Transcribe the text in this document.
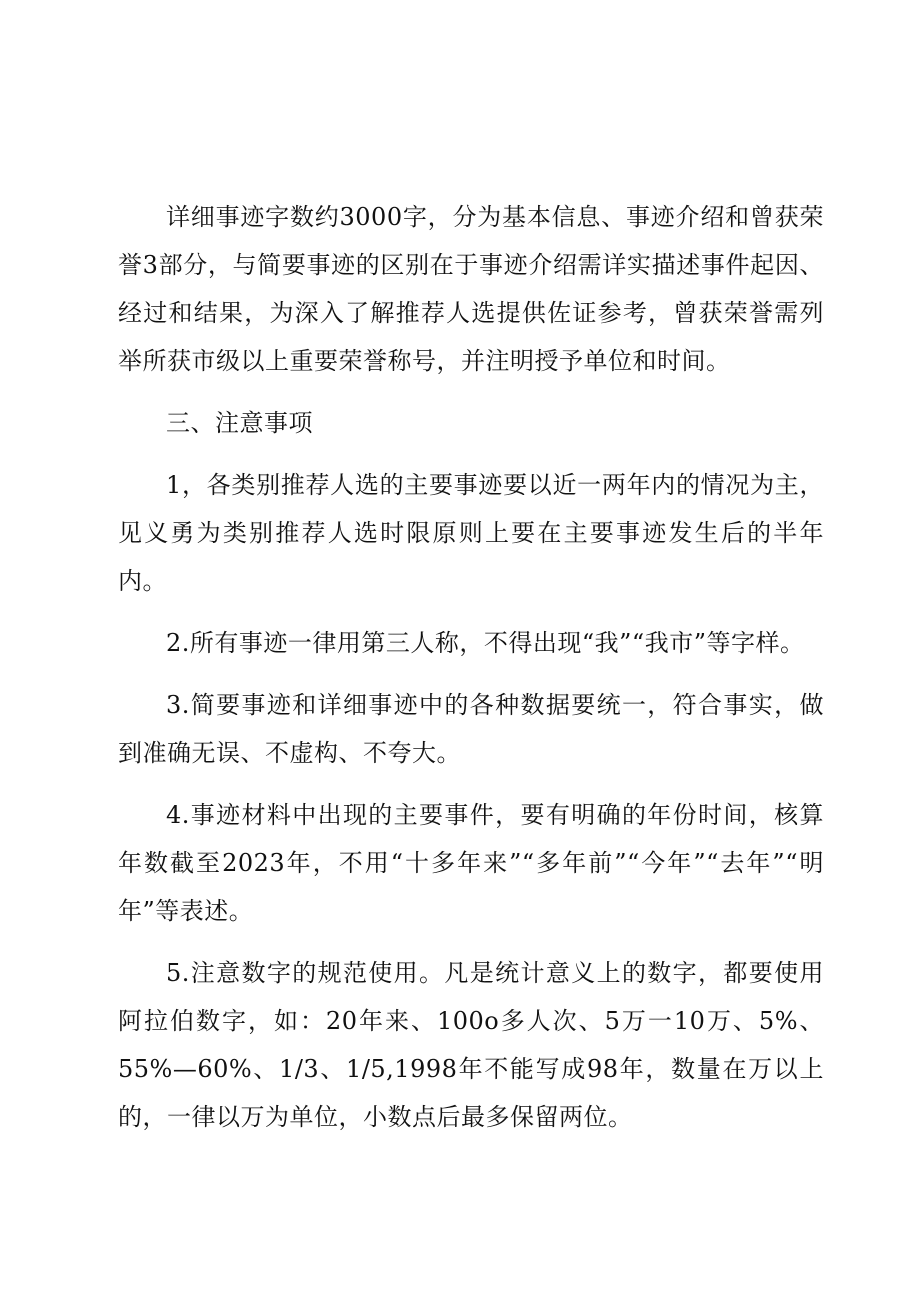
详细事迹字数约3000字，分为基本信息、事迹介绍和曾获荣誉3部分，与简要事迹的区别在于事迹介绍需详实描述事件起因、经过和结果，为深入了解推荐人选提供佐证参考，曾获荣誉需列举所获市级以上重要荣誉称号，并注明授予单位和时间。

三、注意事项

1，各类别推荐人选的主要事迹要以近一两年内的情况为主，见义勇为类别推荐人选时限原则上要在主要事迹发生后的半年内。

2.所有事迹一律用第三人称，不得出现“我”“我市”等字样。

3.简要事迹和详细事迹中的各种数据要统一，符合事实，做到准确无误、不虚构、不夸大。

4.事迹材料中出现的主要事件，要有明确的年份时间，核算年数截至2023年，不用“十多年来”“多年前”“今年”“去年”“明年”等表述。

5.注意数字的规范使用。凡是统计意义上的数字，都要使用阿拉伯数字，如：20年来、100o多人次、5万一10万、5%、55%—60%、1/3、1/5,1998年不能写成98年，数量在万以上的，一律以万为单位，小数点后最多保留两位。
